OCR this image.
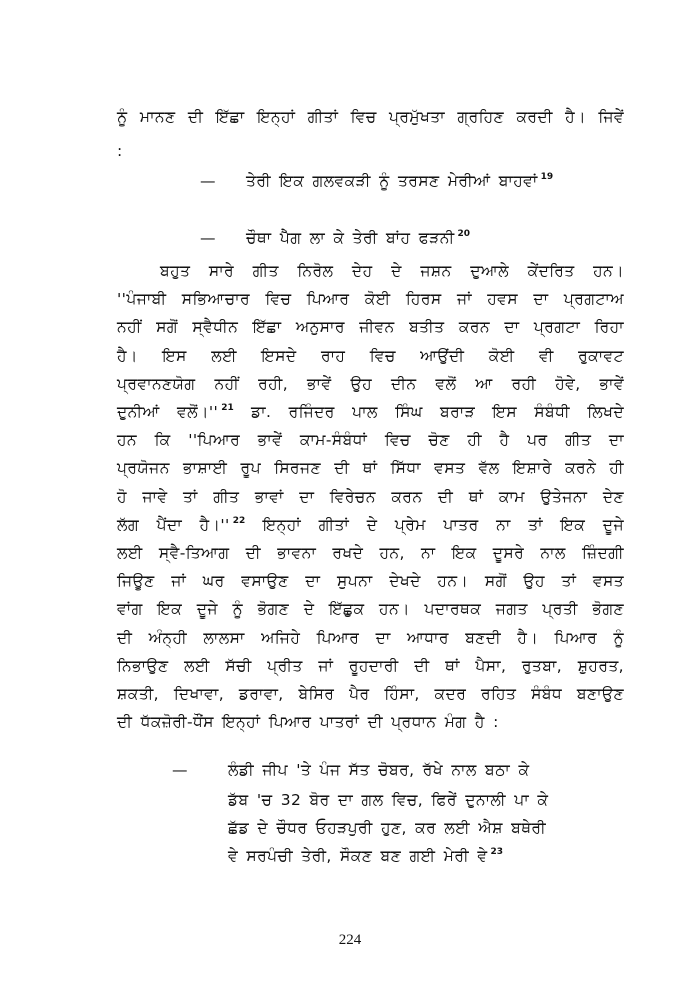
ਨੂੰ ਮਾਨਣ ਦੀ ਇੱਛਾ ਇਨ੍ਹਾਂ ਗੀਤਾਂ ਵਿਚ ਪ੍ਰਮੁੱਖਤਾ ਗ੍ਰਹਿਣ ਕਰਦੀ ਹੈ। ਜਿਵੇਂ
:
— ਤੇਰੀ ਇਕ ਗਲਵਕੜੀ ਨੂੰ ਤਰਸਣ ਮੇਰੀਆਂ ਬਾਹਵਾਂ $^{19}$
— ਚੌਥਾ ਪੈੱਗ ਲਾ ਕੇ ਤੇਰੀ ਬਾਂਹ ਫੜਨੀ $^{20}$
ਬਹੁਤ ਸਾਰੇ ਗੀਤ ਨਿਰੋਲ ਦੇਹ ਦੇ ਜਸ਼ਨ ਦੁਆਲੇ ਕੇਂਦਰਿਤ ਹਨ।
''ਪੰਜਾਬੀ ਸਭਿਆਚਾਰ ਵਿਚ ਪਿਆਰ ਕੋਈ ਹਿਰਸ ਜਾਂ ਹਵਸ ਦਾ ਪ੍ਰਗਟਾਅ
ਨਹੀਂ ਸਗੋਂ ਸ੍ਵੈਧੀਨ ਇੱਛਾ ਅਨੁਸਾਰ ਜੀਵਨ ਬਤੀਤ ਕਰਨ ਦਾ ਪ੍ਰਗਟਾ ਰਿਹਾ
ਹੈ। ਇਸ ਲਈ ਇਸਦੇ ਰਾਹ ਵਿਚ ਆਉਂਦੀ ਕੋਈ ਵੀ ਰੁਕਾਵਟ
ਪ੍ਰਵਾਨਣਯੋਗ ਨਹੀਂ ਰਹੀ, ਭਾਵੇਂ ਉਹ ਦੀਨ ਵਲੋਂ ਆ ਰਹੀ ਹੋਵੇ, ਭਾਵੇਂ
ਦੁਨੀਆਂ ਵਲੋਂ।'' $^{21}$ ਡਾ. ਰਜਿੰਦਰ ਪਾਲ ਸਿੰਘ ਬਰਾੜ ਇਸ ਸੰਬੰਧੀ ਲਿਖਦੇ
ਹਨ ਕਿ ''ਪਿਆਰ ਭਾਵੇਂ ਕਾਮ-ਸੰਬੰਧਾਂ ਵਿਚ ਚੋਣ ਹੀ ਹੈ ਪਰ ਗੀਤ ਦਾ
ਪ੍ਰਯੋਜਨ ਭਾਸ਼ਾਈ ਰੂਪ ਸਿਰਜਣ ਦੀ ਥਾਂ ਸਿੱਧਾ ਵਸਤ ਵੱਲ ਇਸ਼ਾਰੇ ਕਰਨੇ ਹੀ
ਹੋ ਜਾਵੇ ਤਾਂ ਗੀਤ ਭਾਵਾਂ ਦਾ ਵਿਰੇਚਨ ਕਰਨ ਦੀ ਥਾਂ ਕਾਮ ਉਤੇਜਨਾ ਦੇਣ
ਲੱਗ ਪੈਂਦਾ ਹੈ।'' $^{22}$ ਇਨ੍ਹਾਂ ਗੀਤਾਂ ਦੇ ਪ੍ਰੇਮ ਪਾਤਰ ਨਾ ਤਾਂ ਇਕ ਦੂਜੇ
ਲਈ ਸ੍ਵੈ-ਤਿਆਗ ਦੀ ਭਾਵਨਾ ਰਖਦੇ ਹਨ, ਨਾ ਇਕ ਦੂਸਰੇ ਨਾਲ ਜ਼ਿੰਦਗੀ
ਜਿਊਣ ਜਾਂ ਘਰ ਵਸਾਉਣ ਦਾ ਸੁਪਨਾ ਦੇਖਦੇ ਹਨ। ਸਗੋਂ ਉਹ ਤਾਂ ਵਸਤ
ਵਾਂਗ ਇਕ ਦੂਜੇ ਨੂੰ ਭੋਗਣ ਦੇ ਇੱਛੁਕ ਹਨ। ਪਦਾਰਥਕ ਜਗਤ ਪ੍ਰਤੀ ਭੋਗਣ
ਦੀ ਅੰਨ੍ਹੀ ਲਾਲਸਾ ਅਜਿਹੇ ਪਿਆਰ ਦਾ ਆਧਾਰ ਬਣਦੀ ਹੈ। ਪਿਆਰ ਨੂੰ
ਨਿਭਾਉਣ ਲਈ ਸੱਚੀ ਪ੍ਰੀਤ ਜਾਂ ਰੂਹਦਾਰੀ ਦੀ ਥਾਂ ਪੈਸਾ, ਰੁਤਬਾ, ਸ਼ੁਹਰਤ,
ਸ਼ਕਤੀ, ਦਿਖਾਵਾ, ਡਰਾਵਾ, ਬੇਸਿਰ ਪੈਰ ਹਿੰਸਾ, ਕਦਰ ਰਹਿਤ ਸੰਬੰਧ ਬਣਾਉਣ
ਦੀ ਧੱਕਜ਼ੋਰੀ-ਧੌਂਸ ਇਨ੍ਹਾਂ ਪਿਆਰ ਪਾਤਰਾਂ ਦੀ ਪ੍ਰਧਾਨ ਮੰਗ ਹੈ :
—	ਲੰਡੀ ਜੀਪ 'ਤੇ ਪੰਜ ਸੱਤ ਚੋਬਰ, ਰੱਖੇ ਨਾਲ ਬਠਾ ਕੇ
ਡੱਬ 'ਚ 32 ਬੋਰ ਦਾ ਗਲ ਵਿਚ, ਫਿਰੇਂ ਦੁਨਾਲੀ ਪਾ ਕੇ
ਛੱਡ ਦੇ ਚੌਧਰ ਓਹੜਪੁਰੀ ਹੁਣ, ਕਰ ਲਈ ਐਸ਼ ਬਥੇਰੀ
ਵੇ ਸਰਪੰਚੀ ਤੇਰੀ, ਸੌਕਣ ਬਣ ਗਈ ਮੇਰੀ ਵੇ $^{23}$
224
